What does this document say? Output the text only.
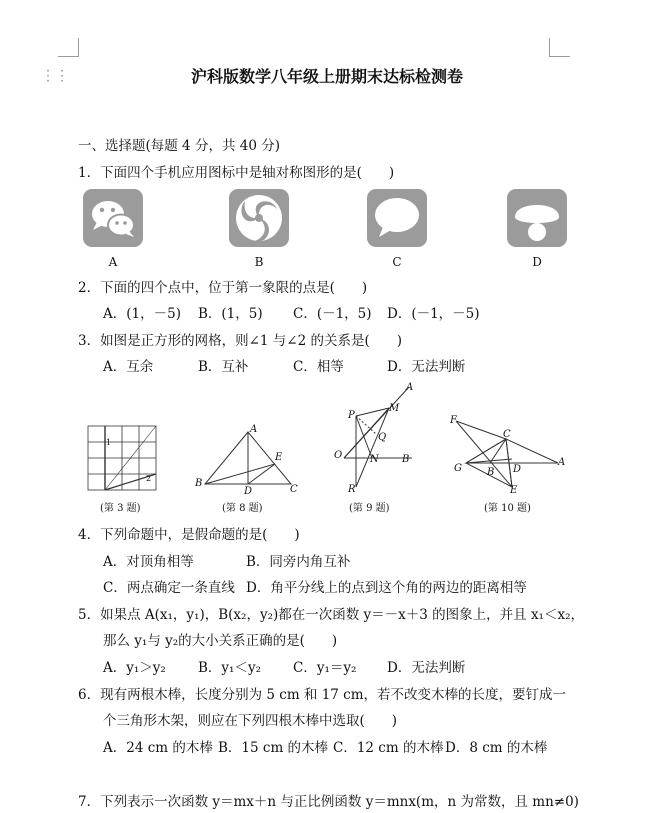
⋮⋮	沪科版数学八年级上册期末达标检测卷
一、选择题(每题 4 分，共 40 分)
1．下面四个手机应用图标中是轴对称图形的是(　　)
A	B	C	D
2．下面的四个点中，位于第一象限的点是(　　)
A．(1，－5) B．(1，5) C．(－1，5) D．(－1，－5)
3．如图是正方形的网格，则∠1 与∠2 的关系是(　　)
A．互余	B．互补	C．相等	D．无法判断
1
2
(第 3 题)
A
B
C
D
E
(第 8 题)
A
M
P
Q
O	N B
R
(第 9 题)
F
C
G	B D
A
E
(第 10 题)
4．下列命题中，是假命题的是(　　)
A．对顶角相等	B．同旁内角互补
C．两点确定一条直线 D．角平分线上的点到这个角的两边的距离相等
5．如果点 A(x₁，y₁)，B(x₂，y₂)都在一次函数 y＝－x＋3 的图象上，并且 x₁＜x₂，
那么 y₁与 y₂的大小关系正确的是(　　)
A．y₁＞y₂ B．y₁＜y₂ C．y₁＝y₂ D．无法判断
6．现有两根木棒，长度分别为 5 cm 和 17 cm，若不改变木棒的长度，要钉成一
个三角形木架，则应在下列四根木棒中选取(　　)
A．24 cm 的木棒 B．15 cm 的木棒 C．12 cm 的木棒 D．8 cm 的木棒
7．下列表示一次函数 y＝mx＋n 与正比例函数 y＝mnx(m，n 为常数，且 mn≠0)
